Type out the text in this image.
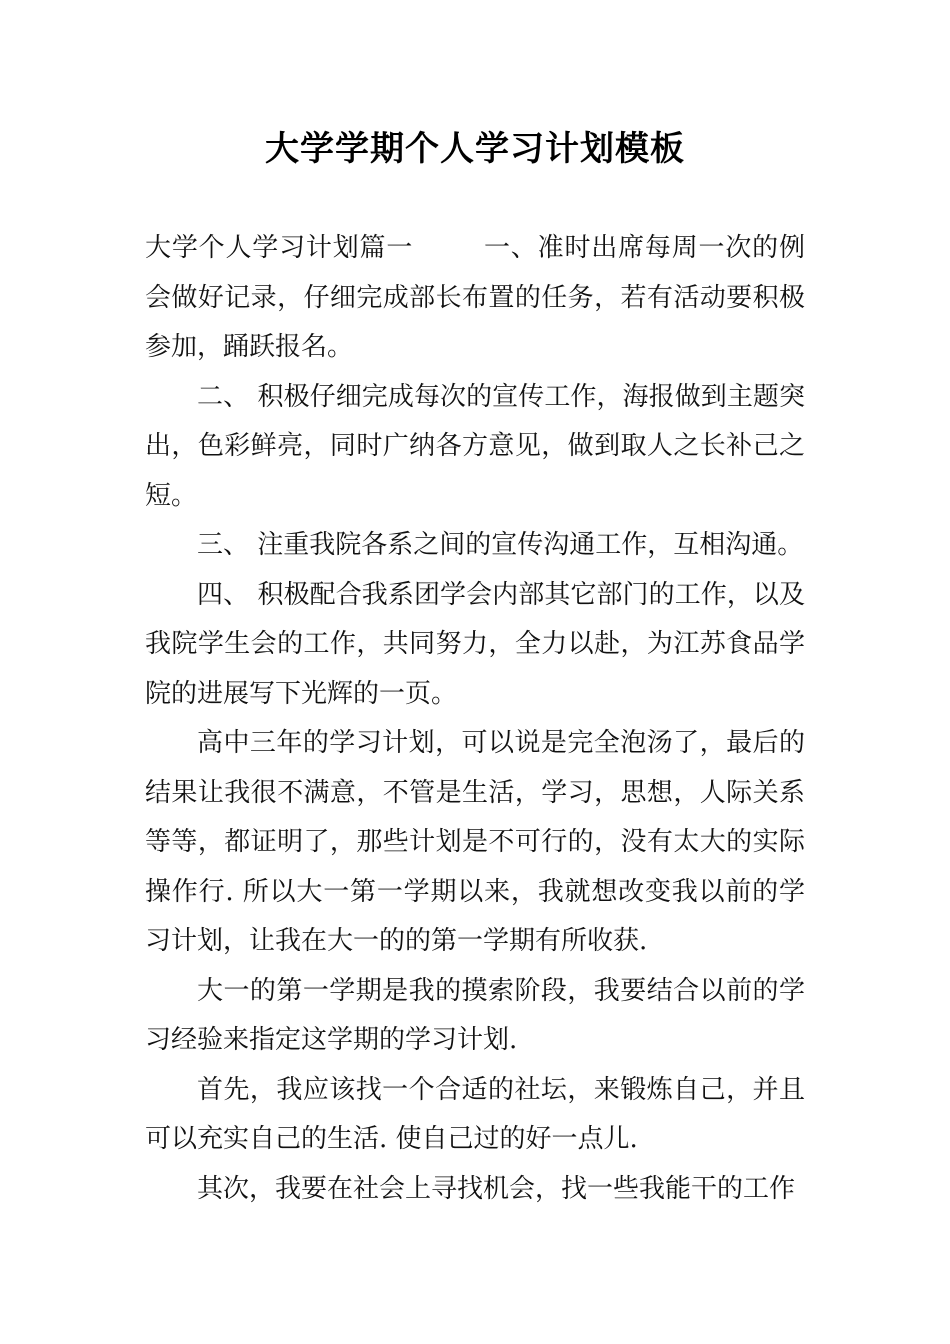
大学学期个人学习计划模板

大学个人学习计划篇一	一、准时出席每周一次的例会做好记录，仔细完成部长布置的任务，若有活动要积极参加，踊跃报名。

二、 积极仔细完成每次的宣传工作，海报做到主题突出，色彩鲜亮，同时广纳各方意见，做到取人之长补己之短。

三、 注重我院各系之间的宣传沟通工作，互相沟通。

四、 积极配合我系团学会内部其它部门的工作，以及我院学生会的工作，共同努力，全力以赴，为江苏食品学院的进展写下光辉的一页。

高中三年的学习计划，可以说是完全泡汤了，最后的结果让我很不满意，不管是生活，学习，思想，人际关系等等，都证明了，那些计划是不可行的，没有太大的实际操作行. 所以大一第一学期以来，我就想改变我以前的学习计划，让我在大一的的第一学期有所收获.

大一的第一学期是我的摸索阶段，我要结合以前的学习经验来指定这学期的学习计划.

首先，我应该找一个合适的社坛，来锻炼自己，并且可以充实自己的生活. 使自己过的好一点儿.

其次，我要在社会上寻找机会，找一些我能干的工作
